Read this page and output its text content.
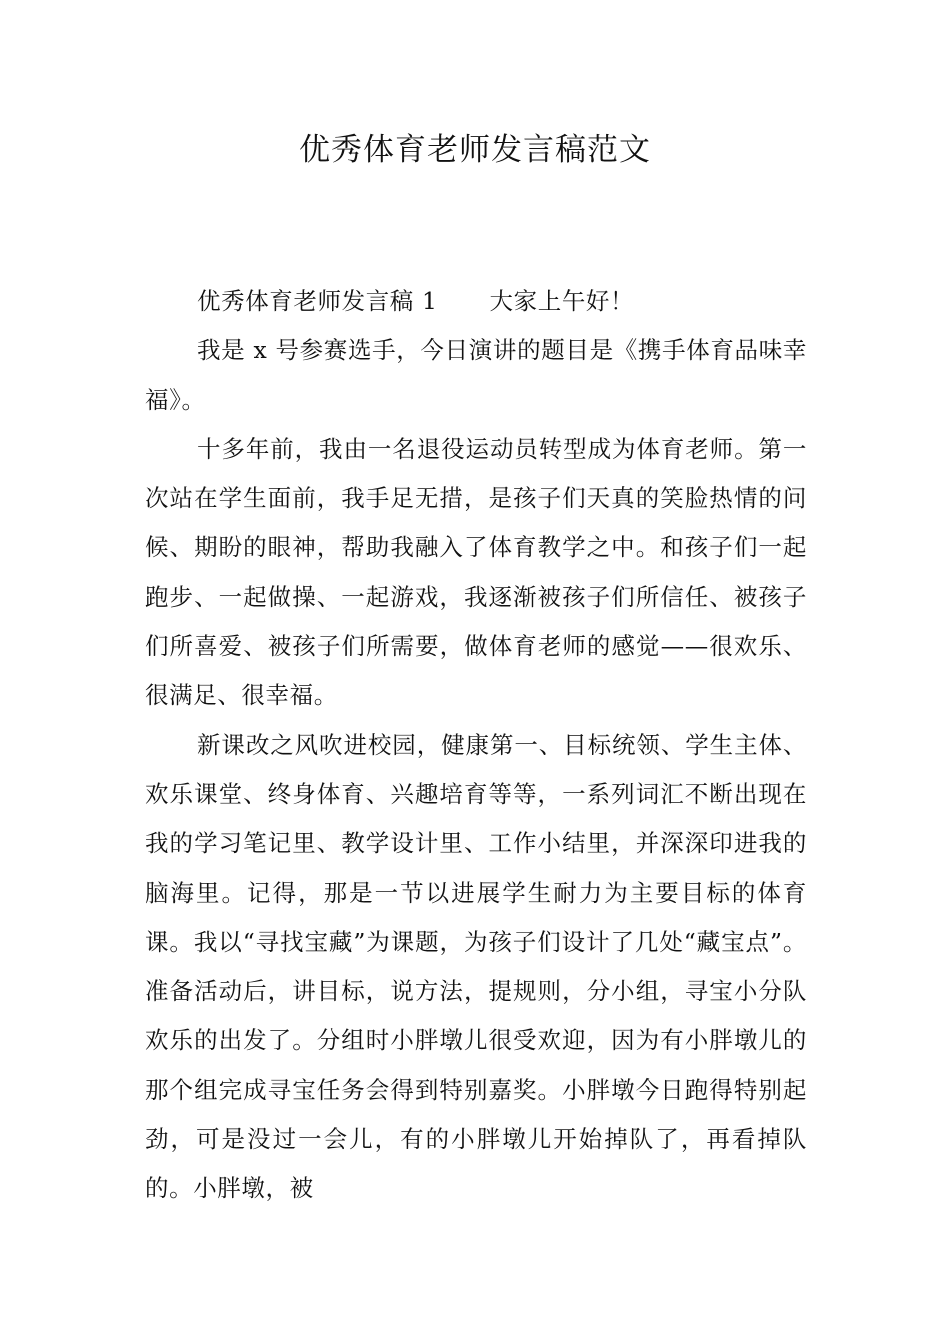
优秀体育老师发言稿范文

优秀体育老师发言稿 1 大家上午好！

我是 x 号参赛选手，今日演讲的题目是《携手体育品味幸福》。

十多年前，我由一名退役运动员转型成为体育老师。第一次站在学生面前，我手足无措，是孩子们天真的笑脸热情的问候、期盼的眼神，帮助我融入了体育教学之中。和孩子们一起跑步、一起做操、一起游戏，我逐渐被孩子们所信任、被孩子们所喜爱、被孩子们所需要，做体育老师的感觉——很欢乐、很满足、很幸福。

新课改之风吹进校园，健康第一、目标统领、学生主体、欢乐课堂、终身体育、兴趣培育等等，一系列词汇不断出现在我的学习笔记里、教学设计里、工作小结里，并深深印进我的脑海里。记得，那是一节以进展学生耐力为主要目标的体育课。我以“寻找宝藏”为课题，为孩子们设计了几处“藏宝点”。准备活动后，讲目标，说方法，提规则，分小组，寻宝小分队欢乐的出发了。分组时小胖墩儿很受欢迎，因为有小胖墩儿的那个组完成寻宝任务会得到特别嘉奖。小胖墩今日跑得特别起劲，可是没过一会儿，有的小胖墩儿开始掉队了，再看掉队的。小胖墩，被
